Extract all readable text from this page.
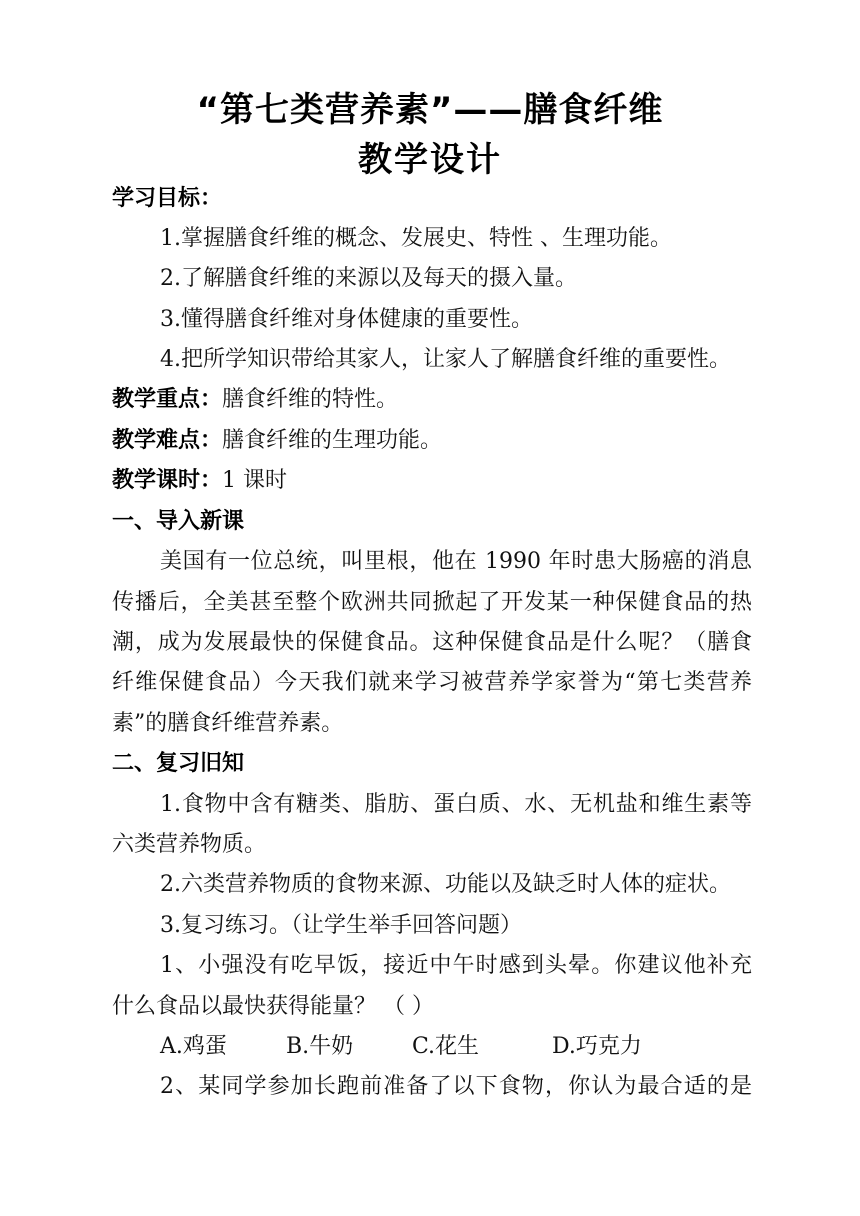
“第七类营养素”——膳食纤维
教学设计
学习目标：
1.掌握膳食纤维的概念、发展史、特性 、生理功能。
2.了解膳食纤维的来源以及每天的摄入量。
3.懂得膳食纤维对身体健康的重要性。
4.把所学知识带给其家人，让家人了解膳食纤维的重要性。
教学重点：膳食纤维的特性。
教学难点：膳食纤维的生理功能。
教学课时：1 课时
一、导入新课
美国有一位总统，叫里根，他在 1990 年时患大肠癌的消息
传播后，全美甚至整个欧洲共同掀起了开发某一种保健食品的热
潮，成为发展最快的保健食品。这种保健食品是什么呢？（膳食
纤维保健食品）今天我们就来学习被营养学家誉为“第七类营养
素”的膳食纤维营养素。
二、复习旧知
1.食物中含有糖类、脂肪、蛋白质、水、无机盐和维生素等
六类营养物质。
2.六类营养物质的食物来源、功能以及缺乏时人体的症状。
3.复习练习。（让学生举手回答问题）
1、小强没有吃早饭，接近中午时感到头晕。你建议他补充
什么食品以最快获得能量？ （ ）
A.鸡蛋	B.牛奶	C.花生	D.巧克力
2、某同学参加长跑前准备了以下食物，你认为最合适的是
